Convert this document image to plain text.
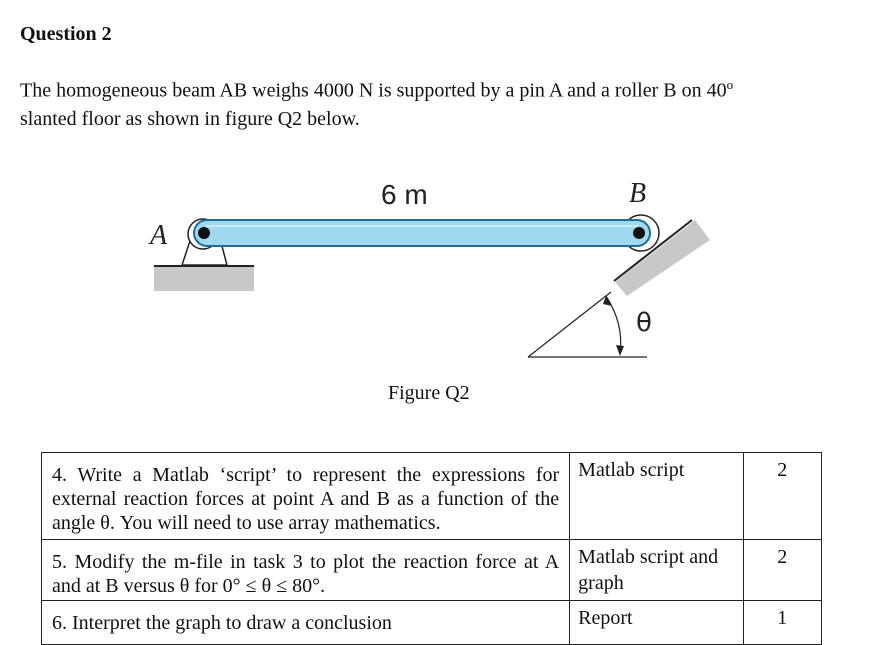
Question 2
The homogeneous beam AB weighs 4000 N is supported by a pin A and a roller B on 40$^o$
slanted floor as shown in figure Q2 below.
6 m
A
B
θ
Figure Q2
4. Write a Matlab ‘script’ to represent the expressions for external reaction forces at point A and B as a function of the angle θ. You will need to use array mathematics.	Matlab script	2
5. Modify the m-file in task 3 to plot the reaction force at A and at B versus θ for 0° ≤ θ ≤ 80°.	Matlab script and graph	2
6. Interpret the graph to draw a conclusion	Report	1
